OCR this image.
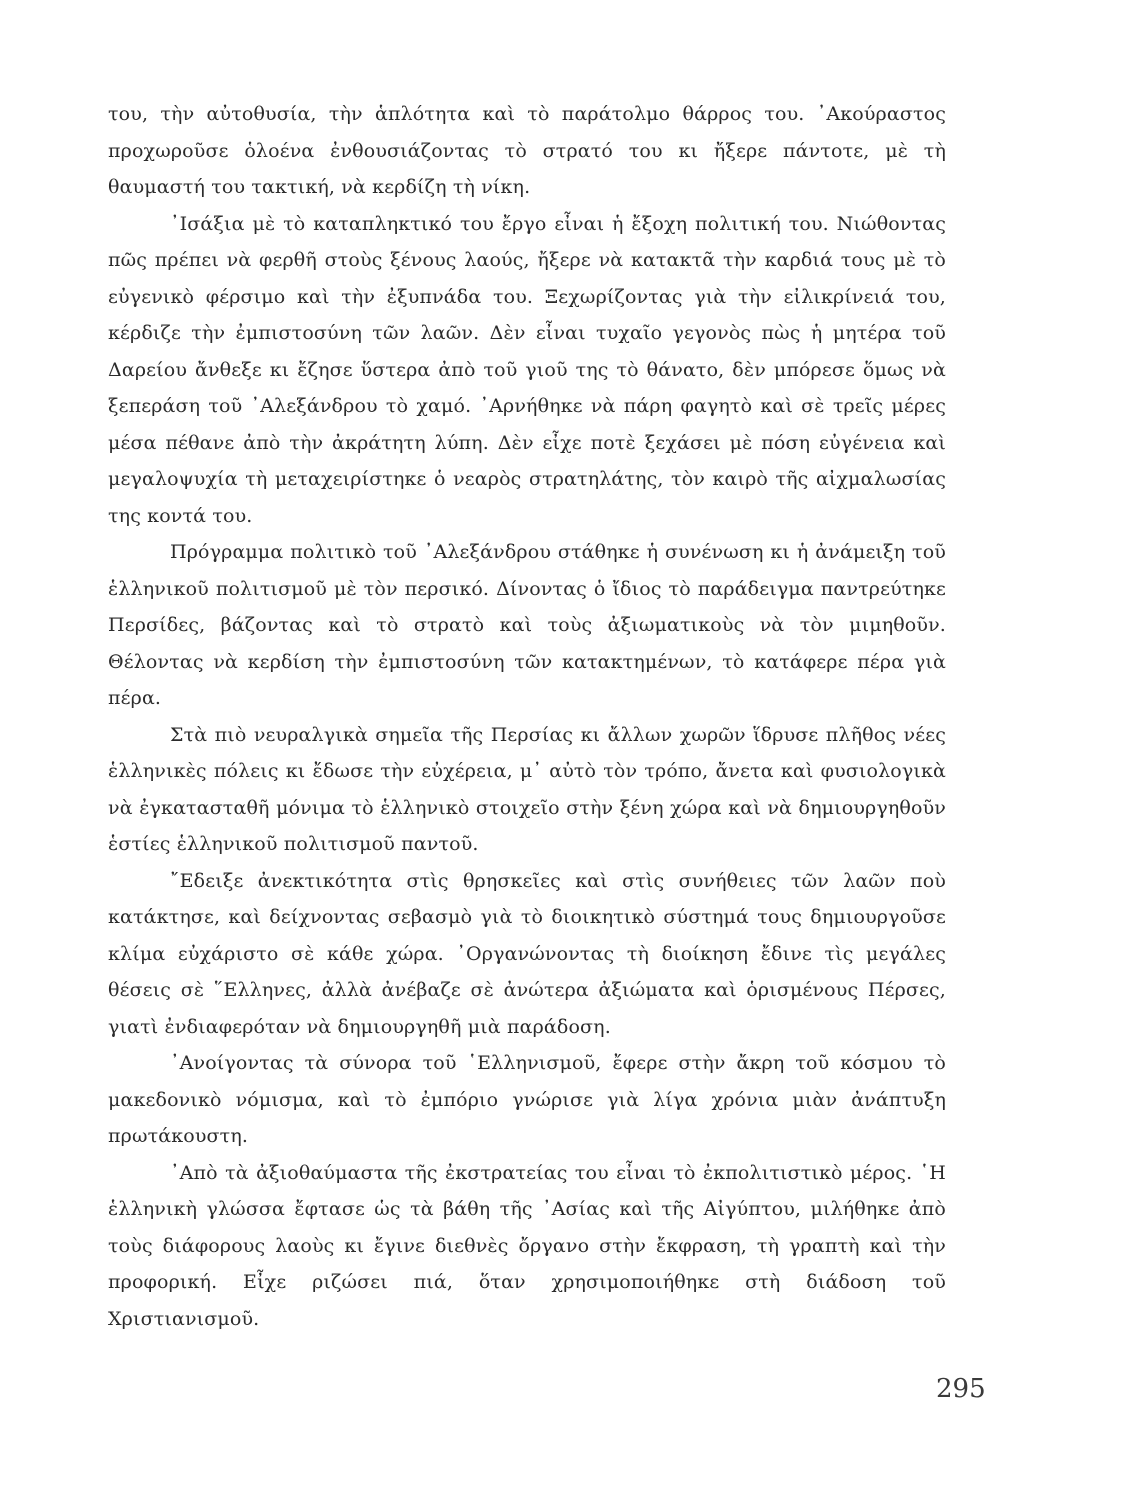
του, τὴν αὐτοθυσία, τὴν ἁπλότητα καὶ τὸ παράτολμο θάρρος του. ᾿Ακούραστος προχωροῦσε ὁλοένα ἐνθουσιάζοντας τὸ στρατό του κι ἤξερε πάντοτε, μὲ τὴ θαυμαστή του τακτική, νὰ κερδίζη τὴ νίκη.

᾿Ισάξια μὲ τὸ καταπληκτικό του ἔργο εἶναι ἡ ἔξοχη πολιτική του. Νιώθοντας πῶς πρέπει νὰ φερθῆ στοὺς ξένους λαούς, ἤξερε νὰ κατακτᾶ τὴν καρδιά τους μὲ τὸ εὐγενικὸ φέρσιμο καὶ τὴν ἐξυπνάδα του. Ξεχωρίζοντας γιὰ τὴν εἰλικρίνειά του, κέρδιζε τὴν ἐμπιστοσύνη τῶν λαῶν. Δὲν εἶναι τυχαῖο γεγονὸς πὼς ἡ μητέρα τοῦ Δαρείου ἄνθεξε κι ἔζησε ὕστερα ἀπὸ τοῦ γιοῦ της τὸ θάνατο, δὲν μπόρεσε ὅμως νὰ ξεπεράση τοῦ ᾿Αλεξάνδρου τὸ χαμό. ᾿Αρνήθηκε νὰ πάρη φαγητὸ καὶ σὲ τρεῖς μέρες μέσα πέθανε ἀπὸ τὴν ἀκράτητη λύπη. Δὲν εἶχε ποτὲ ξεχάσει μὲ πόση εὐγένεια καὶ μεγαλοψυχία τὴ μεταχειρίστηκε ὁ νεαρὸς στρατηλάτης, τὸν καιρὸ τῆς αἰχμαλωσίας της κοντά του.

Πρόγραμμα πολιτικὸ τοῦ ᾿Αλεξάνδρου στάθηκε ἡ συνένωση κι ἡ ἀνάμειξη τοῦ ἑλληνικοῦ πολιτισμοῦ μὲ τὸν περσικό. Δίνοντας ὁ ἴδιος τὸ παράδειγμα παντρεύτηκε Περσίδες, βάζοντας καὶ τὸ στρατὸ καὶ τοὺς ἀξιωματικοὺς νὰ τὸν μιμηθοῦν. Θέλοντας νὰ κερδίση τὴν ἐμπιστοσύνη τῶν κατακτημένων, τὸ κατάφερε πέρα γιὰ πέρα.

Στὰ πιὸ νευραλγικὰ σημεῖα τῆς Περσίας κι ἄλλων χωρῶν ἵδρυσε πλῆθος νέες ἑλληνικὲς πόλεις κι ἔδωσε τὴν εὐχέρεια, μ᾿ αὐτὸ τὸν τρόπο, ἄνετα καὶ φυσιολογικὰ νὰ ἐγκατασταθῆ μόνιμα τὸ ἑλληνικὸ στοιχεῖο στὴν ξένη χώρα καὶ νὰ δημιουργηθοῦν ἑστίες ἑλληνικοῦ πολιτισμοῦ παντοῦ.

῎Εδειξε ἀνεκτικότητα στὶς θρησκεῖες καὶ στὶς συνήθειες τῶν λαῶν ποὺ κατάκτησε, καὶ δείχνοντας σεβασμὸ γιὰ τὸ διοικητικὸ σύστημά τους δημιουργοῦσε κλίμα εὐχάριστο σὲ κάθε χώρα. ᾿Οργανώνοντας τὴ διοίκηση ἔδινε τὶς μεγάλες θέσεις σὲ ῞Ελληνες, ἀλλὰ ἀνέβαζε σὲ ἀνώτερα ἀξιώματα καὶ ὁρισμένους Πέρσες, γιατὶ ἐνδιαφερόταν νὰ δημιουργηθῆ μιὰ παράδοση.

᾿Ανοίγοντας τὰ σύνορα τοῦ ῾Ελληνισμοῦ, ἔφερε στὴν ἄκρη τοῦ κόσμου τὸ μακεδονικὸ νόμισμα, καὶ τὸ ἐμπόριο γνώρισε γιὰ λίγα χρόνια μιὰν ἀνάπτυξη πρωτάκουστη.

᾿Απὸ τὰ ἀξιοθαύμαστα τῆς ἐκστρατείας του εἶναι τὸ ἐκπολιτιστικὸ μέρος. ῾Η ἑλληνικὴ γλώσσα ἔφτασε ὡς τὰ βάθη τῆς ᾿Ασίας καὶ τῆς Αἰγύπτου, μιλήθηκε ἀπὸ τοὺς διάφορους λαοὺς κι ἔγινε διεθνὲς ὄργανο στὴν ἔκφραση, τὴ γραπτὴ καὶ τὴν προφορική. Εἶχε ριζώσει πιά, ὅταν χρησιμοποιήθηκε στὴ διάδοση τοῦ Χριστιανισμοῦ.

295
